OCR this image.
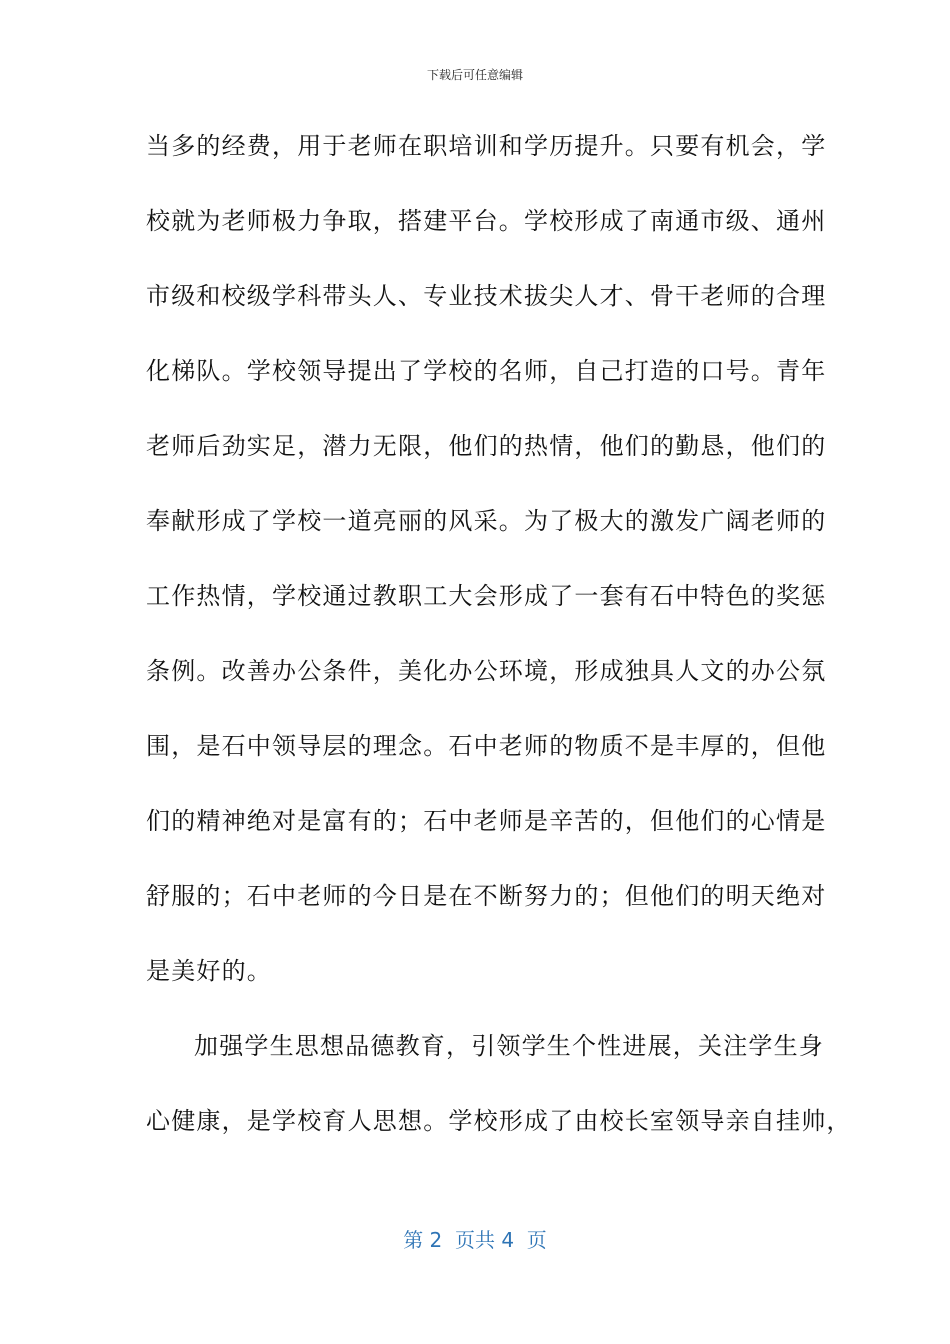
下载后可任意编辑
当多的经费，用于老师在职培训和学历提升。只要有机会，学
校就为老师极力争取，搭建平台。学校形成了南通市级、通州
市级和校级学科带头人、专业技术拔尖人才、骨干老师的合理
化梯队。学校领导提出了学校的名师，自己打造的口号。青年
老师后劲实足，潜力无限，他们的热情，他们的勤恳，他们的
奉献形成了学校一道亮丽的风采。为了极大的激发广阔老师的
工作热情，学校通过教职工大会形成了一套有石中特色的奖惩
条例。改善办公条件，美化办公环境，形成独具人文的办公氛
围，是石中领导层的理念。石中老师的物质不是丰厚的，但他
们的精神绝对是富有的；石中老师是辛苦的，但他们的心情是
舒服的；石中老师的今日是在不断努力的；但他们的明天绝对
是美好的。
加强学生思想品德教育，引领学生个性进展，关注学生身
心健康，是学校育人思想。学校形成了由校长室领导亲自挂帅，
第 2  页共 4  页
